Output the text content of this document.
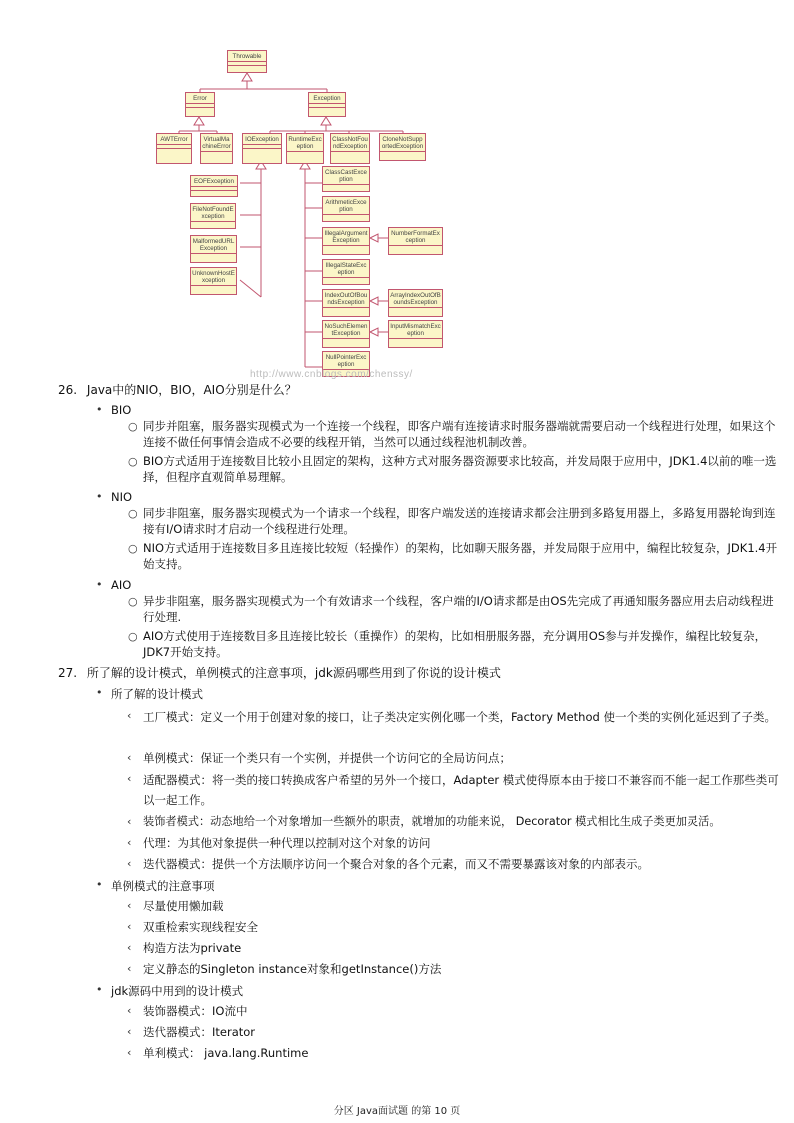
Throwable
Error	Exception
AWTError	VirtualMachineError
IOException	RuntimeException
ClassNotFoundException
CloneNotSupportedException
EOFException
FileNotFoundException
MalformedURLException
UnknownHostException
ClassCastException
ArithmeticException
IllegalArgumentException
NumberFormatException
IllegalStateException
IndexOutOfBoundsException
ArrayIndexOutOfBoundsException
NoSuchElementException
InputMismatchException
NullPointerException
http://www.cnblogs.com/chenssy/
26. Java中的NIO，BIO，AIO分别是什么？
• BIO
○ 同步并阻塞，服务器实现模式为一个连接一个线程，即客户端有连接请求时服务器端就需要启动一个线程进行处理，如果这个连接不做任何事情会造成不必要的线程开销，当然可以通过线程池机制改善。
○ BIO方式适用于连接数目比较小且固定的架构，这种方式对服务器资源要求比较高，并发局限于应用中，JDK1.4以前的唯一选择，但程序直观简单易理解。
• NIO
○ 同步非阻塞，服务器实现模式为一个请求一个线程，即客户端发送的连接请求都会注册到多路复用器上，多路复用器轮询到连接有I/O请求时才启动一个线程进行处理。
○ NIO方式适用于连接数目多且连接比较短（轻操作）的架构，比如聊天服务器，并发局限于应用中，编程比较复杂，JDK1.4开始支持。
• AIO
○ 异步非阻塞，服务器实现模式为一个有效请求一个线程，客户端的I/O请求都是由OS先完成了再通知服务器应用去启动线程进行处理.
○ AIO方式使用于连接数目多且连接比较长（重操作）的架构，比如相册服务器，充分调用OS参与并发操作，编程比较复杂，JDK7开始支持。
27. 所了解的设计模式，单例模式的注意事项，jdk源码哪些用到了你说的设计模式
• 所了解的设计模式
‹ 工厂模式：定义一个用于创建对象的接口，让子类决定实例化哪一个类，Factory Method 使一个类的实例化延迟到了子类。
‹ 单例模式：保证一个类只有一个实例，并提供一个访问它的全局访问点；
‹ 适配器模式：将一类的接口转换成客户希望的另外一个接口，Adapter 模式使得原本由于接口不兼容而不能一起工作那些类可以一起工作。
‹ 装饰者模式：动态地给一个对象增加一些额外的职责，就增加的功能来说， Decorator 模式相比生成子类更加灵活。
‹ 代理：为其他对象提供一种代理以控制对这个对象的访问
‹ 迭代器模式：提供一个方法顺序访问一个聚合对象的各个元素，而又不需要暴露该对象的内部表示。
• 单例模式的注意事项
‹ 尽量使用懒加载
‹ 双重检索实现线程安全
‹ 构造方法为private
‹ 定义静态的Singleton instance对象和getInstance()方法
• jdk源码中用到的设计模式
‹ 装饰器模式：IO流中
‹ 迭代器模式：Iterator
‹ 单利模式： java.lang.Runtime
分区 Java面试题 的第 10 页
